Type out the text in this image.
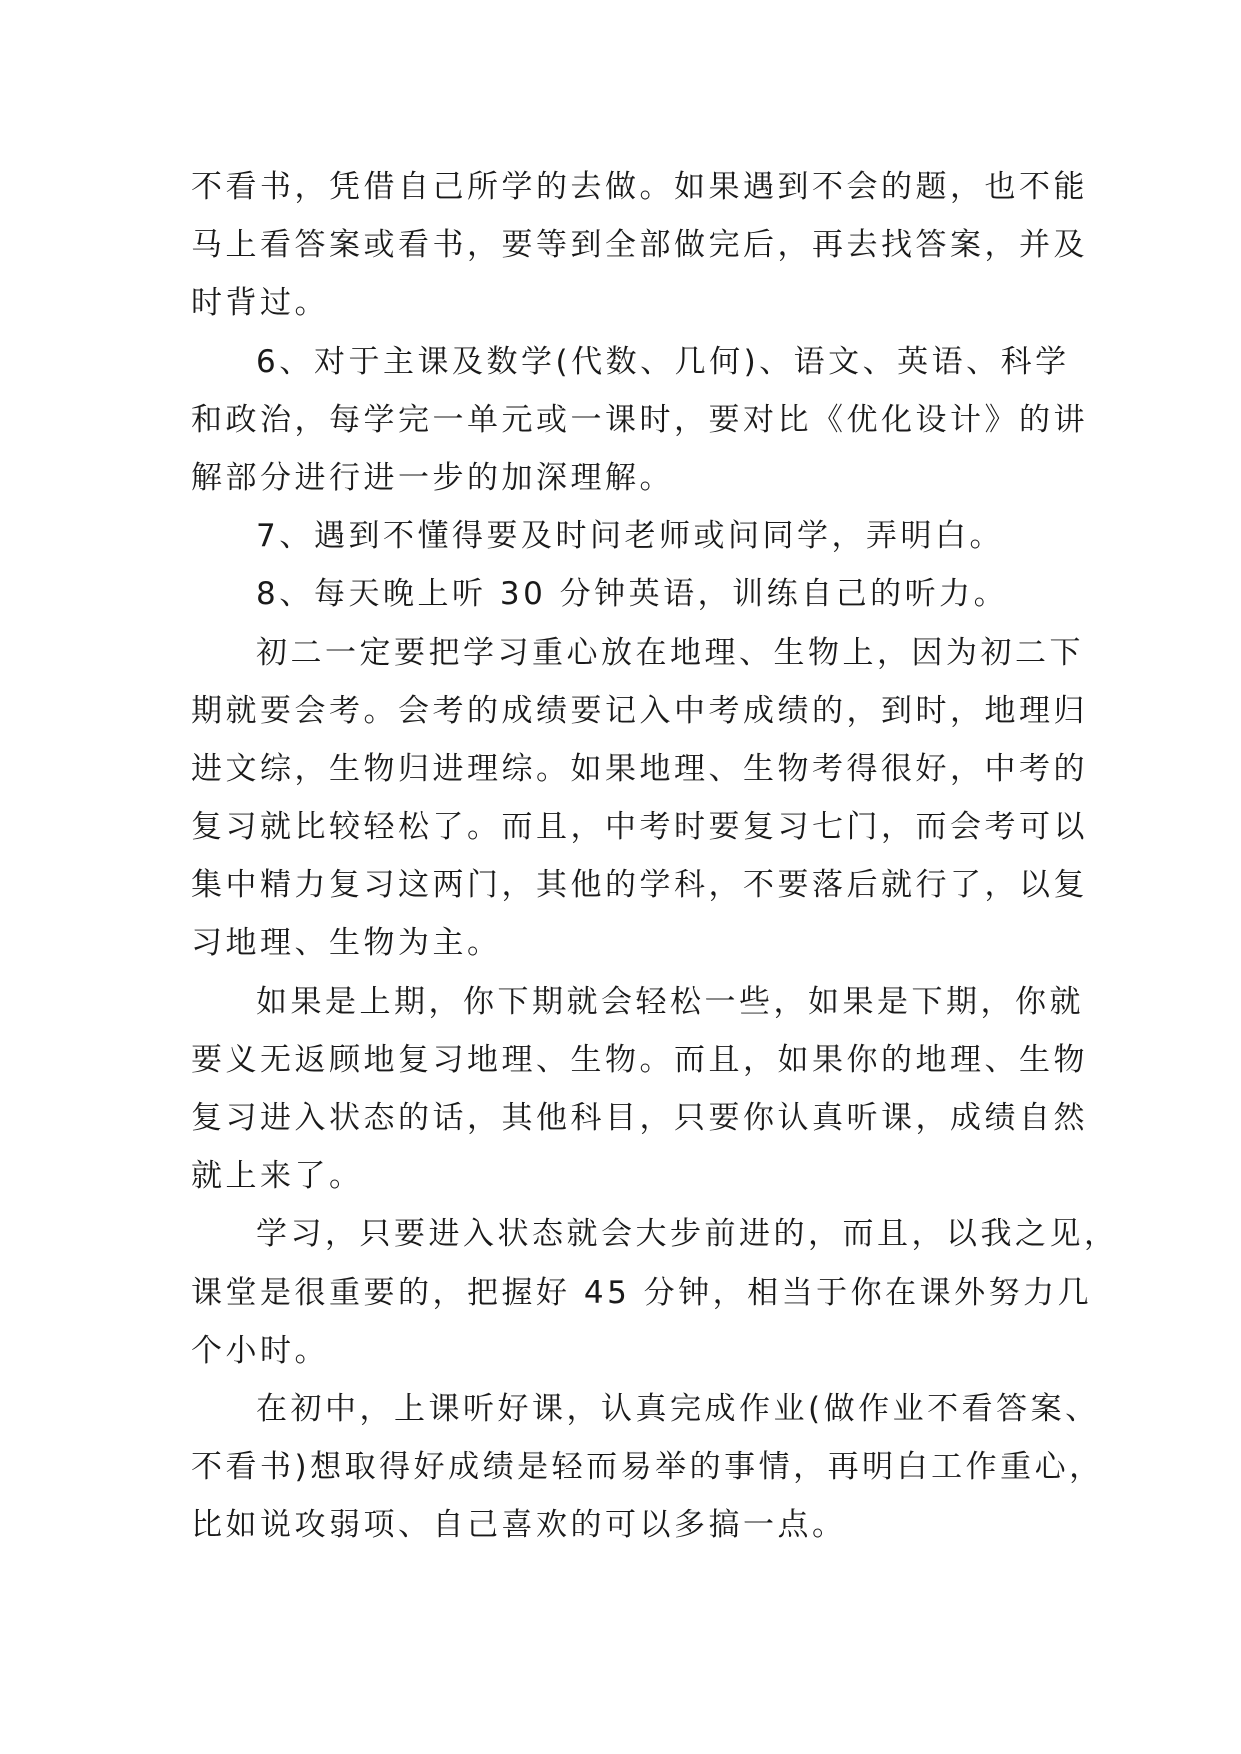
不看书，凭借自己所学的去做。如果遇到不会的题，也不能
马上看答案或看书，要等到全部做完后，再去找答案，并及
时背过。
6、对于主课及数学(代数、几何)、语文、英语、科学
和政治，每学完一单元或一课时，要对比《优化设计》的讲
解部分进行进一步的加深理解。
7、遇到不懂得要及时问老师或问同学，弄明白。
8、每天晚上听 30 分钟英语，训练自己的听力。
初二一定要把学习重心放在地理、生物上，因为初二下
期就要会考。会考的成绩要记入中考成绩的，到时，地理归
进文综，生物归进理综。如果地理、生物考得很好，中考的
复习就比较轻松了。而且，中考时要复习七门，而会考可以
集中精力复习这两门，其他的学科，不要落后就行了，以复
习地理、生物为主。
如果是上期，你下期就会轻松一些，如果是下期，你就
要义无返顾地复习地理、生物。而且，如果你的地理、生物
复习进入状态的话，其他科目，只要你认真听课，成绩自然
就上来了。
学习，只要进入状态就会大步前进的，而且，以我之见，
课堂是很重要的，把握好 45 分钟，相当于你在课外努力几
个小时。
在初中，上课听好课，认真完成作业(做作业不看答案、
不看书)想取得好成绩是轻而易举的事情，再明白工作重心，
比如说攻弱项、自己喜欢的可以多搞一点。
